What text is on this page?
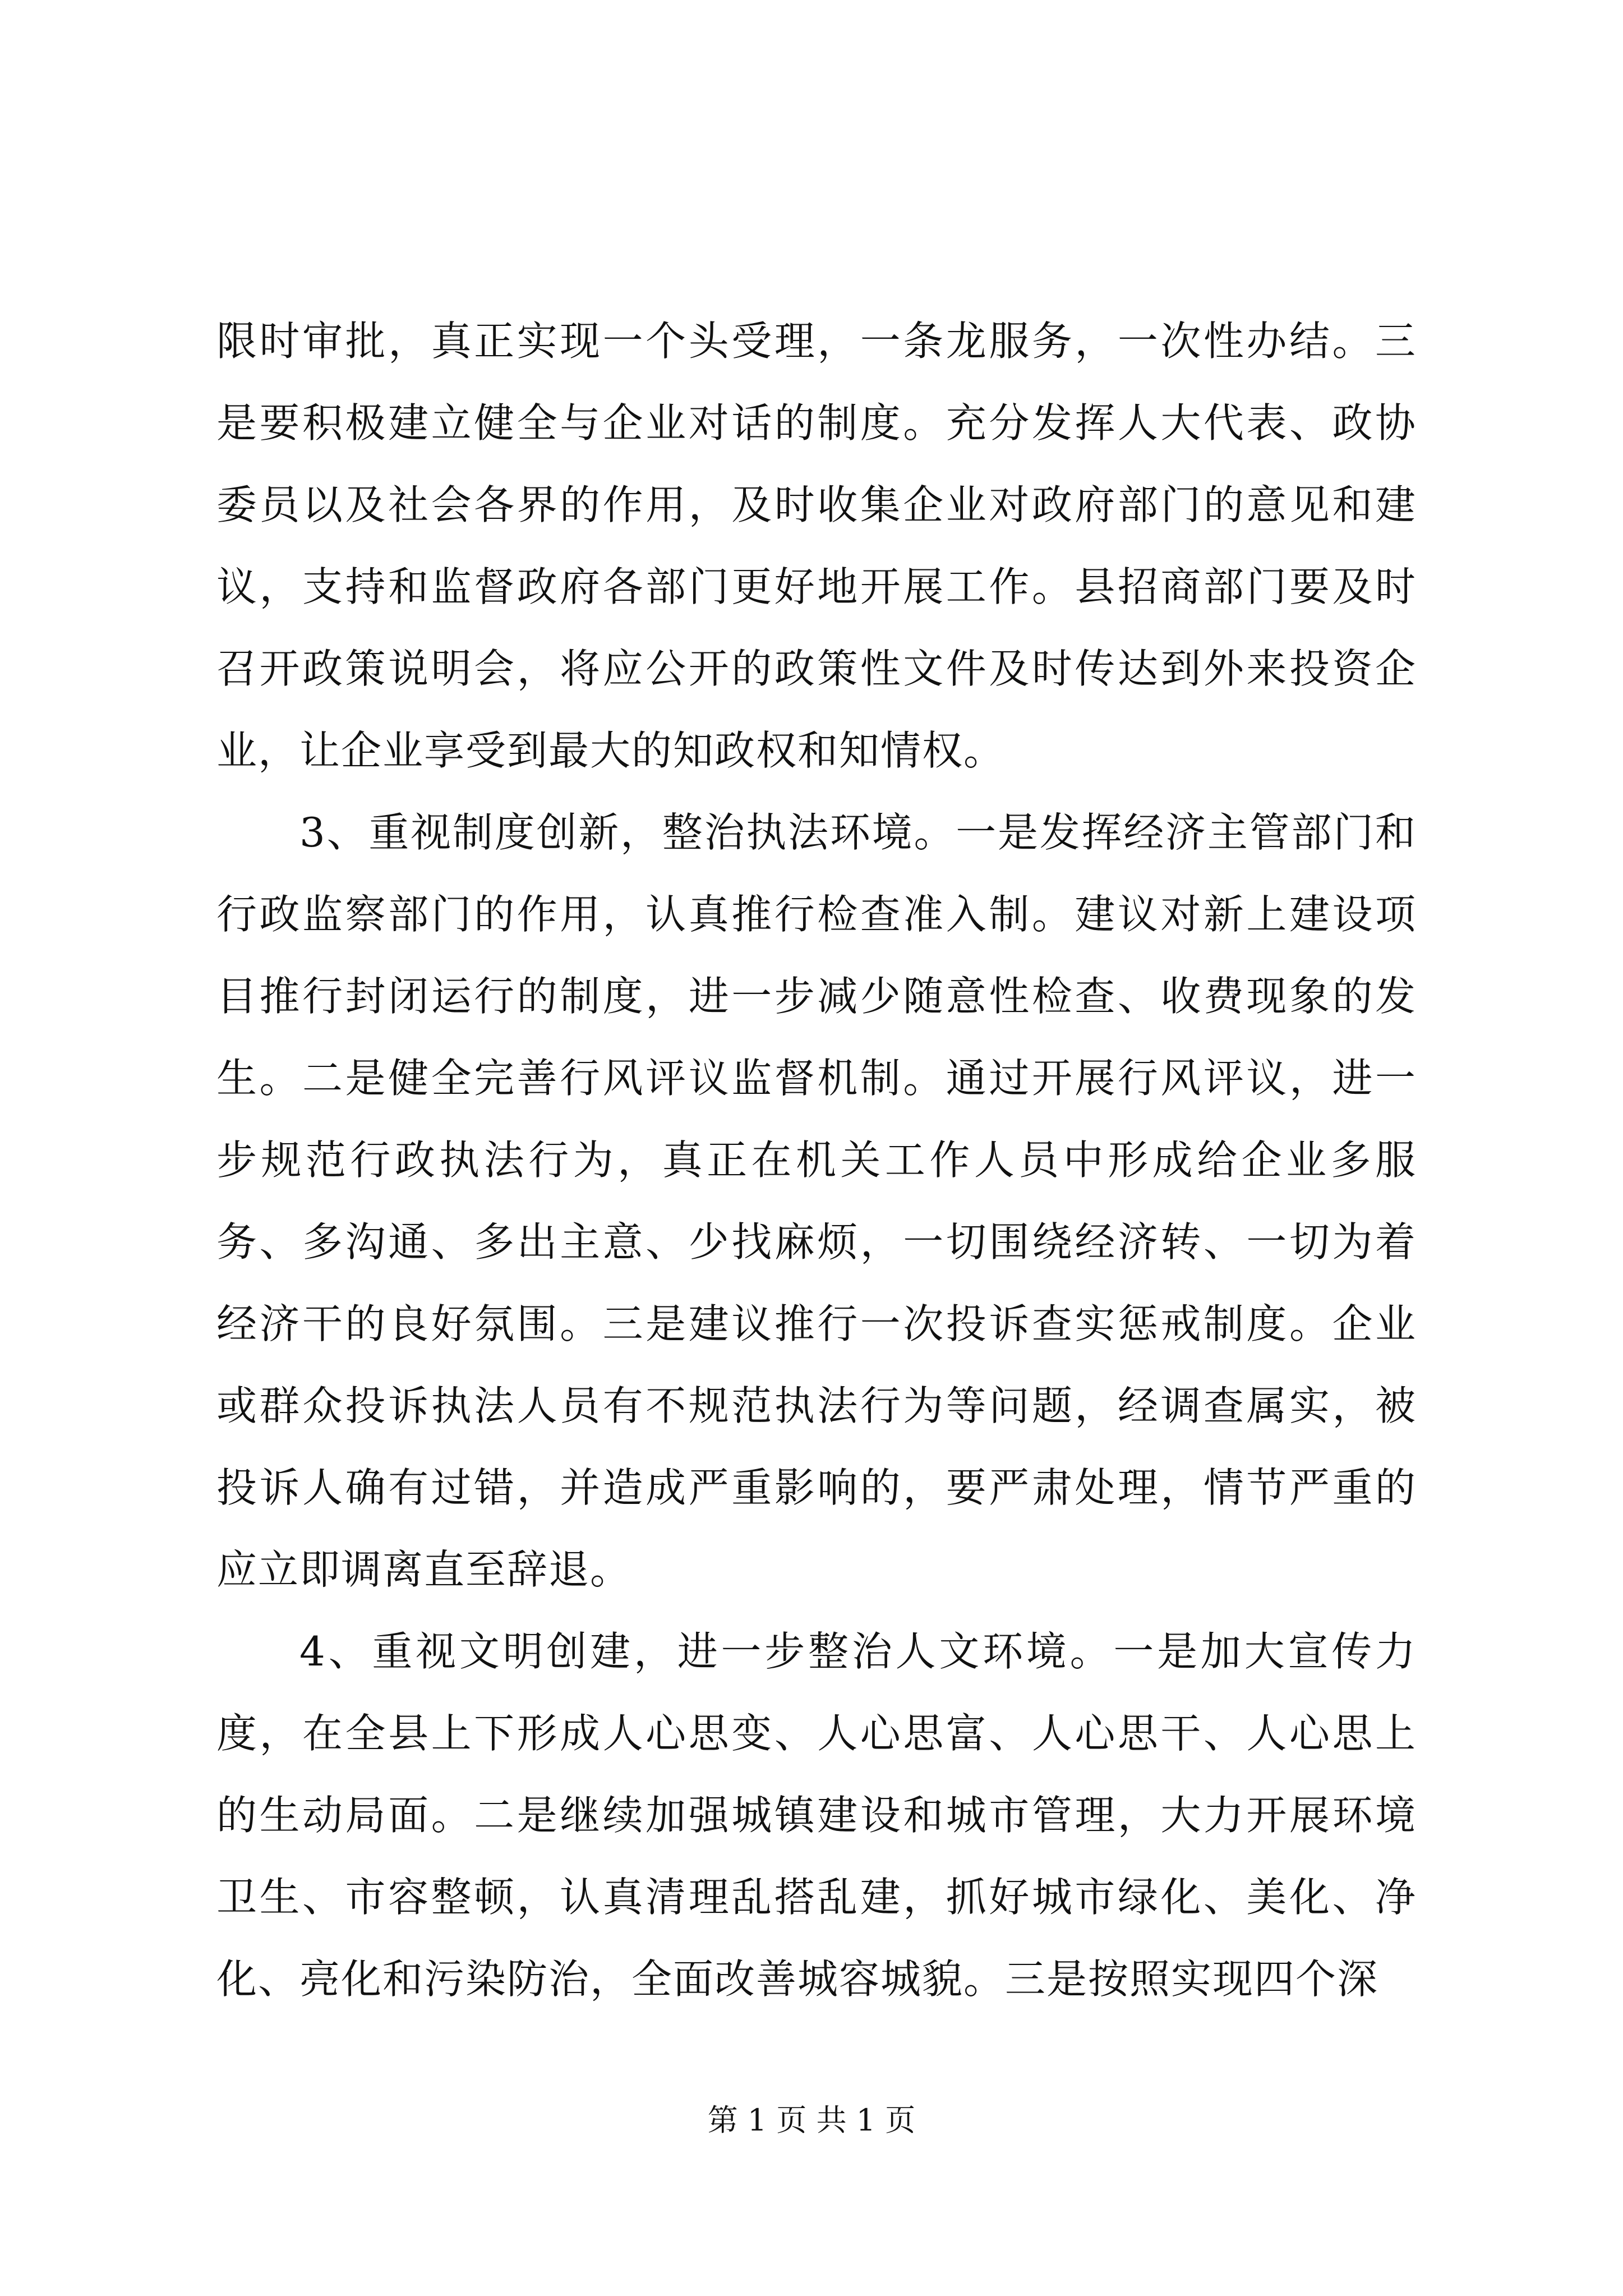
限时审批，真正实现一个头受理，一条龙服务，一次性办结。三是要积极建立健全与企业对话的制度。充分发挥人大代表、政协委员以及社会各界的作用，及时收集企业对政府部门的意见和建议，支持和监督政府各部门更好地开展工作。县招商部门要及时召开政策说明会，将应公开的政策性文件及时传达到外来投资企业，让企业享受到最大的知政权和知情权。

3、重视制度创新，整治执法环境。一是发挥经济主管部门和行政监察部门的作用，认真推行检查准入制。建议对新上建设项目推行封闭运行的制度，进一步减少随意性检查、收费现象的发生。二是健全完善行风评议监督机制。通过开展行风评议，进一步规范行政执法行为，真正在机关工作人员中形成给企业多服务、多沟通、多出主意、少找麻烦，一切围绕经济转、一切为着经济干的良好氛围。三是建议推行一次投诉查实惩戒制度。企业或群众投诉执法人员有不规范执法行为等问题，经调查属实，被投诉人确有过错，并造成严重影响的，要严肃处理，情节严重的应立即调离直至辞退。

4、重视文明创建，进一步整治人文环境。一是加大宣传力度，在全县上下形成人心思变、人心思富、人心思干、人心思上的生动局面。二是继续加强城镇建设和城市管理，大力开展环境卫生、市容整顿，认真清理乱搭乱建，抓好城市绿化、美化、净化、亮化和污染防治，全面改善城容城貌。三是按照实现四个深

第 1 页 共 1 页
